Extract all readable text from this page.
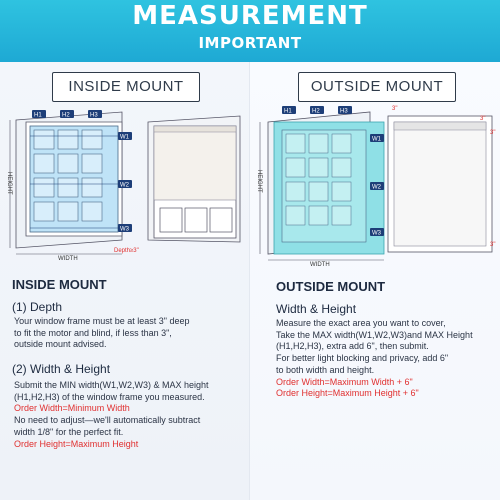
MEASUREMENT
IMPORTANT
INSIDE MOUNT	OUTSIDE MOUNT
H1	H2	H3
W1
W2
W3
HEIGHT
WIDTH
Depth≥3"
H1	H2	H3
W1
W2
W3
HEIGHT
WIDTH
3"
3"
3"
3"
INSIDE MOUNT
(1) Depth
Your window frame must be at least 3" deep
to fit the motor and blind, if less than 3",
outside mount advised.
(2) Width & Height
Submit the MIN width(W1,W2,W3) & MAX height
(H1,H2,H3) of the window frame you measured.
Order Width=Minimum Width
No need to adjust—we'll automatically subtract
width 1/8" for the perfect fit.
Order Height=Maximum Height
OUTSIDE MOUNT
Width & Height
Measure the exact area you want to cover,
Take the MAX width(W1,W2,W3)and MAX Height
(H1,H2,H3), extra add 6", then submit.
For better light blocking and privacy, add 6"
to both width and height.
Order Width=Maximum Width + 6"
Order Height=Maximum Height + 6"
